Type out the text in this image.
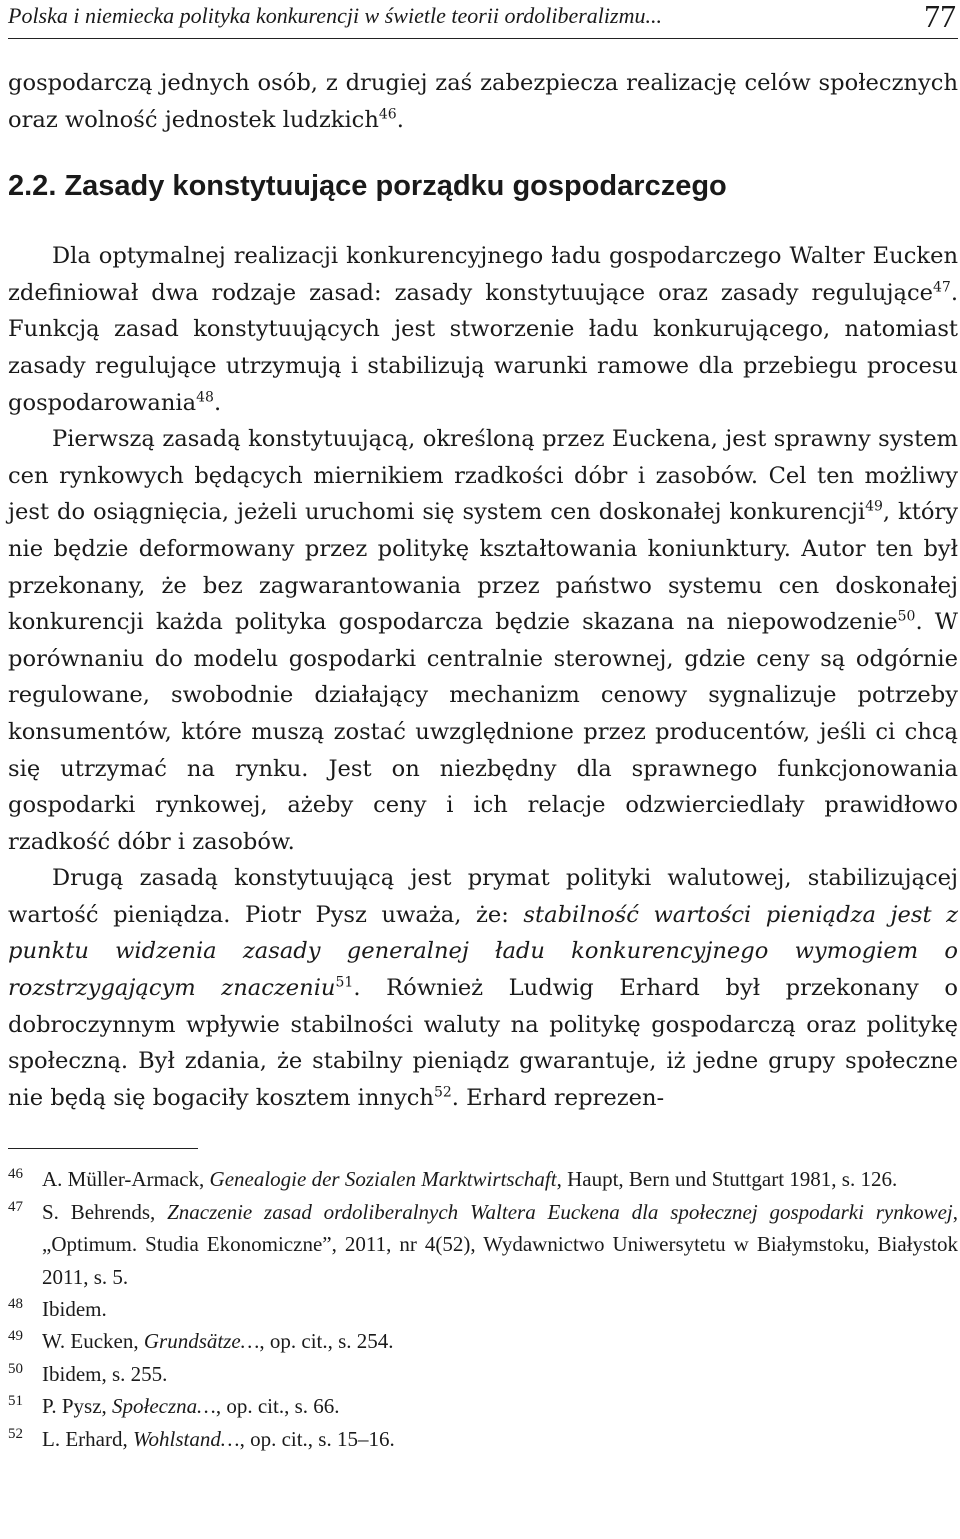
Polska i niemiecka polityka konkurencji w świetle teorii ordoliberalizmu...	77

gospodarczą jednych osób, z drugiej zaś zabezpiecza realizację celów społecznych oraz wolność jednostek ludzkich$^{46}$.

2.2. Zasady konstytuujące porządku gospodarczego

Dla optymalnej realizacji konkurencyjnego ładu gospodarczego Walter Eucken zdefiniował dwa rodzaje zasad: zasady konstytuujące oraz zasady regulujące$^{47}$. Funkcją zasad konstytuujących jest stworzenie ładu konkurującego, natomiast zasady regulujące utrzymują i stabilizują warunki ramowe dla przebiegu procesu gospodarowania$^{48}$.

Pierwszą zasadą konstytuującą, określoną przez Euckena, jest sprawny system cen rynkowych będących miernikiem rzadkości dóbr i zasobów. Cel ten możliwy jest do osiągnięcia, jeżeli uruchomi się system cen doskonałej konkurencji$^{49}$, który nie będzie deformowany przez politykę kształtowania koniunktury. Autor ten był przekonany, że bez zagwarantowania przez państwo systemu cen doskonałej konkurencji każda polityka gospodarcza będzie skazana na niepowodzenie$^{50}$. W porównaniu do modelu gospodarki centralnie sterownej, gdzie ceny są odgórnie regulowane, swobodnie działający mechanizm cenowy sygnalizuje potrzeby konsumentów, które muszą zostać uwzględnione przez producentów, jeśli ci chcą się utrzymać na rynku. Jest on niezbędny dla sprawnego funkcjonowania gospodarki rynkowej, ażeby ceny i ich relacje odzwierciedlały prawidłowo rzadkość dóbr i zasobów.

Drugą zasadą konstytuującą jest prymat polityki walutowej, stabilizującej wartość pieniądza. Piotr Pysz uważa, że: stabilność wartości pieniądza jest z punktu widzenia zasady generalnej ładu konkurencyjnego wymogiem o rozstrzygającym znaczeniu$^{51}$. Również Ludwig Erhard był przekonany o dobroczynnym wpływie stabilności waluty na politykę gospodarczą oraz politykę społeczną. Był zdania, że stabilny pieniądz gwarantuje, iż jedne grupy społeczne nie będą się bogaciły kosztem innych$^{52}$. Erhard reprezen-

46 A. Müller-Armack, Genealogie der Sozialen Marktwirtschaft, Haupt, Bern und Stuttgart 1981, s. 126.
47 S. Behrends, Znaczenie zasad ordoliberalnych Waltera Euckena dla społecznej gospodarki rynkowej, „Optimum. Studia Ekonomiczne”, 2011, nr 4(52), Wydawnictwo Uniwersytetu w Białymstoku, Białystok 2011, s. 5.
48 Ibidem.
49 W. Eucken, Grundsätze…, op. cit., s. 254.
50 Ibidem, s. 255.
51 P. Pysz, Społeczna…, op. cit., s. 66.
52 L. Erhard, Wohlstand…, op. cit., s. 15–16.
